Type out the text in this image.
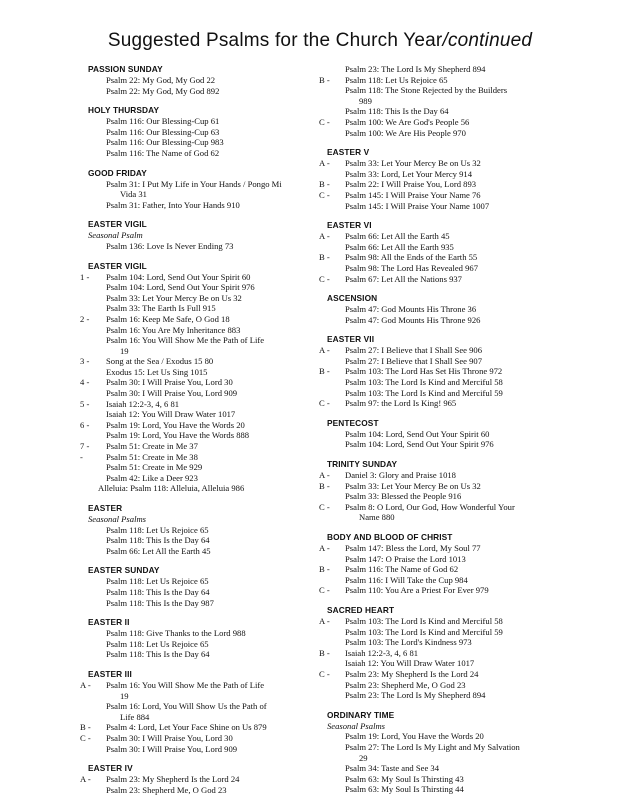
Suggested Psalms for the Church Year/continued
PASSION SUNDAY
Psalm 22: My God, My God 22
Psalm 22: My God, My God 892
HOLY THURSDAY
Psalm 116: Our Blessing-Cup 61
Psalm 116: Our Blessing-Cup 63
Psalm 116: Our Blessing-Cup 983
Psalm 116: The Name of God 62
GOOD FRIDAY
Psalm 31: I Put My Life in Your Hands / Pongo Mi
Vida 31
Psalm 31: Father, Into Your Hands 910
EASTER VIGIL
Seasonal Psalm
Psalm 136: Love Is Never Ending 73
EASTER VIGIL
1 -	Psalm 104: Lord, Send Out Your Spirit 60
Psalm 104: Lord, Send Out Your Spirit 976
Psalm 33: Let Your Mercy Be on Us 32
Psalm 33: The Earth Is Full 915
2 -	Psalm 16: Keep Me Safe, O God 18
Psalm 16: You Are My Inheritance 883
Psalm 16: You Will Show Me the Path of Life
19
3 -	Song at the Sea / Exodus 15 80
Exodus 15: Let Us Sing 1015
4 -	Psalm 30: I Will Praise You, Lord 30
Psalm 30: I Will Praise You, Lord 909
5 -	Isaiah 12:2-3, 4, 6 81
Isaiah 12: You Will Draw Water 1017
6 -	Psalm 19: Lord, You Have the Words 20
Psalm 19: Lord, You Have the Words 888
7 -	Psalm 51: Create in Me 37
-	Psalm 51: Create in Me 38
Psalm 51: Create in Me 929
Psalm 42: Like a Deer 923
Alleluia: Psalm 118: Alleluia, Alleluia 986
EASTER
Seasonal Psalms
Psalm 118: Let Us Rejoice 65
Psalm 118: This Is the Day 64
Psalm 66: Let All the Earth 45
EASTER SUNDAY
Psalm 118: Let Us Rejoice 65
Psalm 118: This Is the Day 64
Psalm 118: This Is the Day 987
EASTER II
Psalm 118: Give Thanks to the Lord 988
Psalm 118: Let Us Rejoice 65
Psalm 118: This Is the Day 64
EASTER III
A -	Psalm 16: You Will Show Me the Path of Life
19
Psalm 16: Lord, You Will Show Us the Path of
Life 884
B -	Psalm 4: Lord, Let Your Face Shine on Us 879
C -	Psalm 30: I Will Praise You, Lord 30
Psalm 30: I Will Praise You, Lord 909
EASTER IV
A -	Psalm 23: My Shepherd Is the Lord 24
Psalm 23: Shepherd Me, O God 23
Psalm 23: The Lord Is My Shepherd 894
B -	Psalm 118: Let Us Rejoice 65
Psalm 118: The Stone Rejected by the Builders
989
Psalm 118: This Is the Day 64
C -	Psalm 100: We Are God's People 56
Psalm 100: We Are His People 970
EASTER V
A -	Psalm 33: Let Your Mercy Be on Us 32
Psalm 33: Lord, Let Your Mercy 914
B -	Psalm 22: I Will Praise You, Lord 893
C -	Psalm 145: I Will Praise Your Name 76
Psalm 145: I Will Praise Your Name 1007
EASTER VI
A -	Psalm 66: Let All the Earth 45
Psalm 66: Let All the Earth 935
B -	Psalm 98: All the Ends of the Earth 55
Psalm 98: The Lord Has Revealed 967
C -	Psalm 67: Let All the Nations 937
ASCENSION
Psalm 47: God Mounts His Throne 36
Psalm 47: God Mounts His Throne 926
EASTER VII
A -	Psalm 27: I Believe that I Shall See 906
Psalm 27: I Believe that I Shall See 907
B -	Psalm 103: The Lord Has Set His Throne 972
Psalm 103: The Lord Is Kind and Merciful 58
Psalm 103: The Lord Is Kind and Merciful 59
C -	Psalm 97: the Lord Is King! 965
PENTECOST
Psalm 104: Lord, Send Out Your Spirit 60
Psalm 104: Lord, Send Out Your Spirit 976
TRINITY SUNDAY
A -	Daniel 3: Glory and Praise 1018
B -	Psalm 33: Let Your Mercy Be on Us 32
Psalm 33: Blessed the People 916
C -	Psalm 8: O Lord, Our God, How Wonderful Your
Name 880
BODY AND BLOOD OF CHRIST
A -	Psalm 147: Bless the Lord, My Soul 77
Psalm 147: O Praise the Lord 1013
B -	Psalm 116: The Name of God 62
Psalm 116: I Will Take the Cup 984
C -	Psalm 110: You Are a Priest For Ever 979
SACRED HEART
A -	Psalm 103: The Lord Is Kind and Merciful 58
Psalm 103: The Lord Is Kind and Merciful 59
Psalm 103: The Lord's Kindness 973
B -	Isaiah 12:2-3, 4, 6 81
Isaiah 12: You Will Draw Water 1017
C -	Psalm 23: My Shepherd Is the Lord 24
Psalm 23: Shepherd Me, O God 23
Psalm 23: The Lord Is My Shepherd 894
ORDINARY TIME
Seasonal Psalms
Psalm 19: Lord, You Have the Words 20
Psalm 27: The Lord Is My Light and My Salvation
29
Psalm 34: Taste and See 34
Psalm 63: My Soul Is Thirsting 43
Psalm 63: My Soul Is Thirsting 44
